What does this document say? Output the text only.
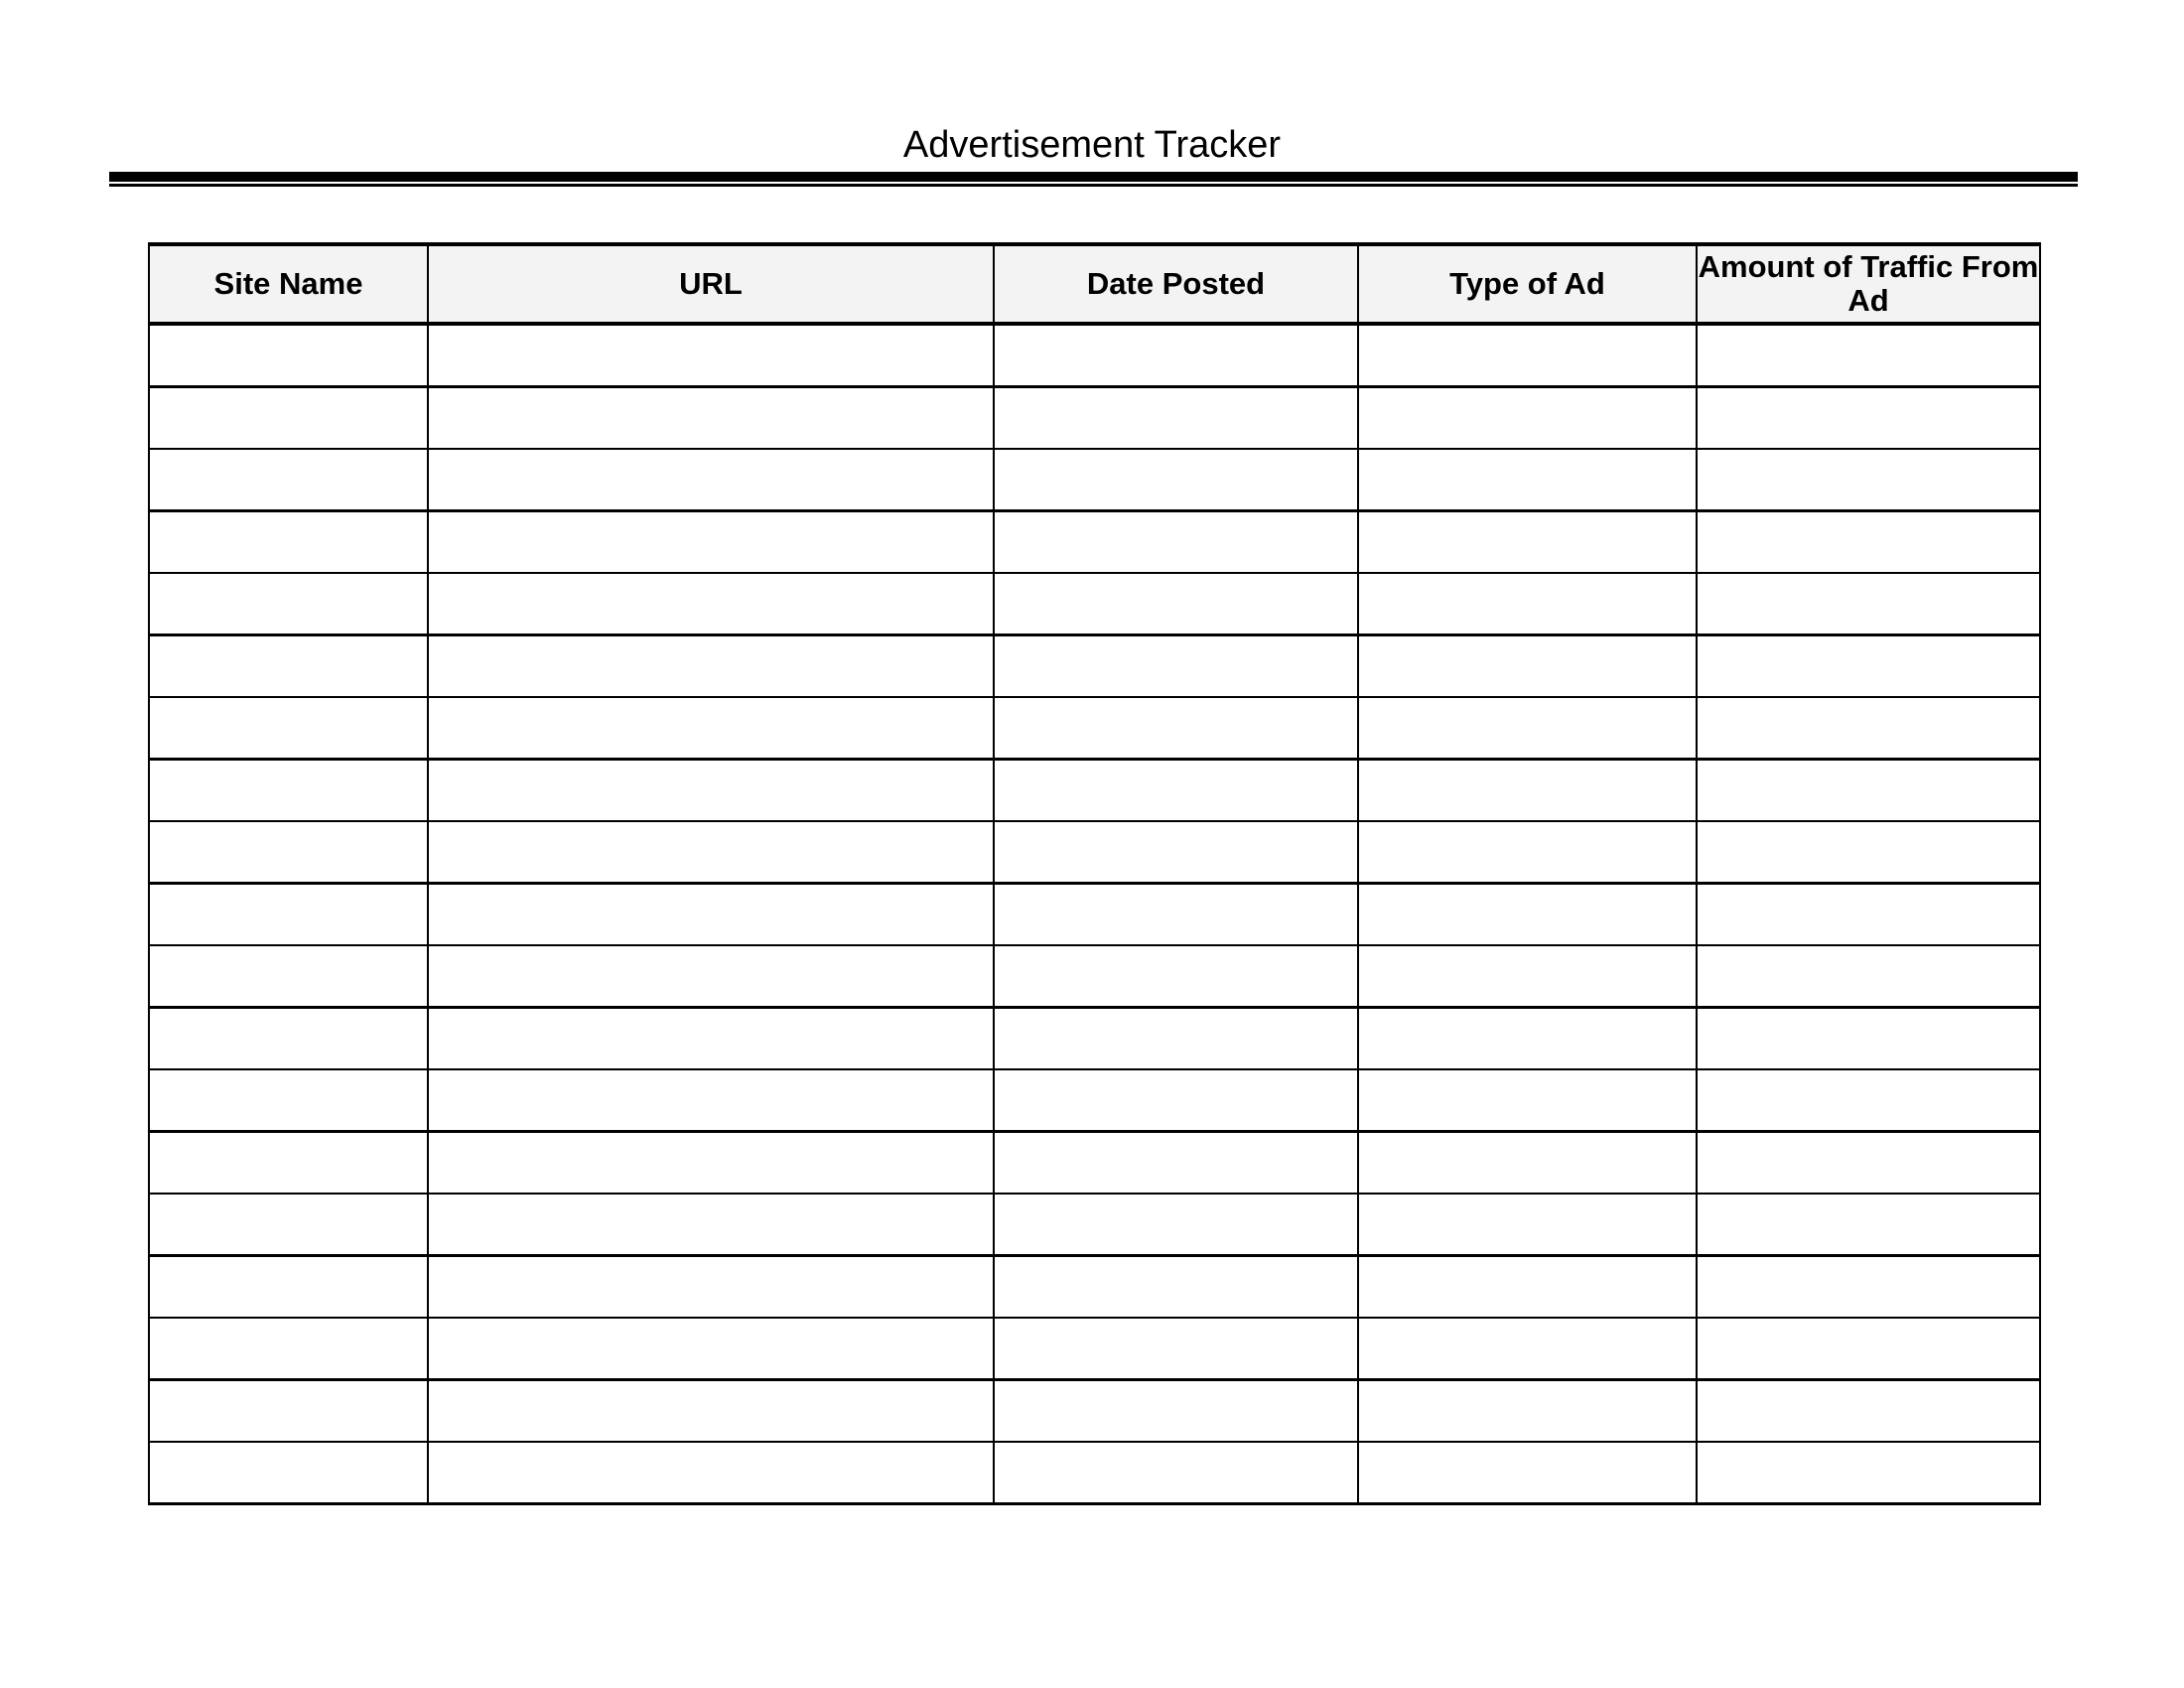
Advertisement Tracker
Site Name	URL	Date Posted	Type of Ad	Amount of Traffic From Ad
